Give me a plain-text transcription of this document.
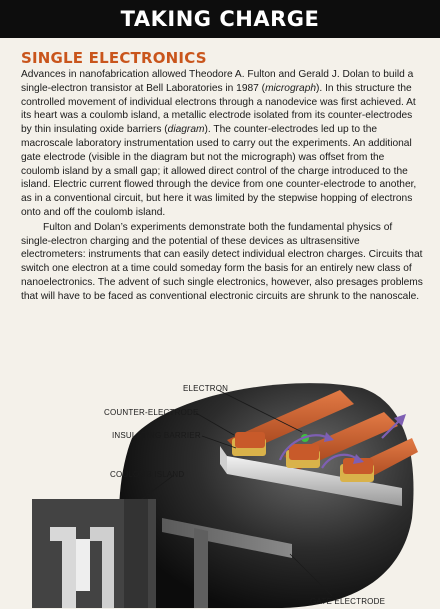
TAKING CHARGE
SINGLE ELECTRONICS

Advances in nanofabrication allowed Theodore A. Fulton and Gerald J. Dolan to build a single-electron transistor at Bell Laboratories in 1987 (micrograph). In this structure the controlled movement of individual electrons through a nanodevice was first achieved. At its heart was a coulomb island, a metallic electrode isolated from its counter-electrodes by thin insulating oxide barriers (diagram). The counter-electrodes led up to the macroscale laboratory instrumentation used to carry out the experiments. An additional gate electrode (visible in the diagram but not the micrograph) was offset from the coulomb island by a small gap; it allowed direct control of the charge introduced to the island. Electric current flowed through the device from one counter-electrode to another, as in a conventional circuit, but here it was limited by the stepwise hopping of electrons onto and off the coulomb island.

Fulton and Dolan’s experiments demonstrate both the fundamental physics of single-electron charging and the potential of these devices as ultrasensitive electrometers: instruments that can easily detect individual electron charges. Circuits that switch one electron at a time could someday form the basis for an entirely new class of nanoelectronics. The advent of such single electronics, however, also presages problems that will have to be faced as conventional electronic circuits are shrunk to the nanoscale.

ELECTRON
COUNTER-ELECTRODE
INSULATING BARRIER
COULOMB ISLAND
GATE ELECTRODE
